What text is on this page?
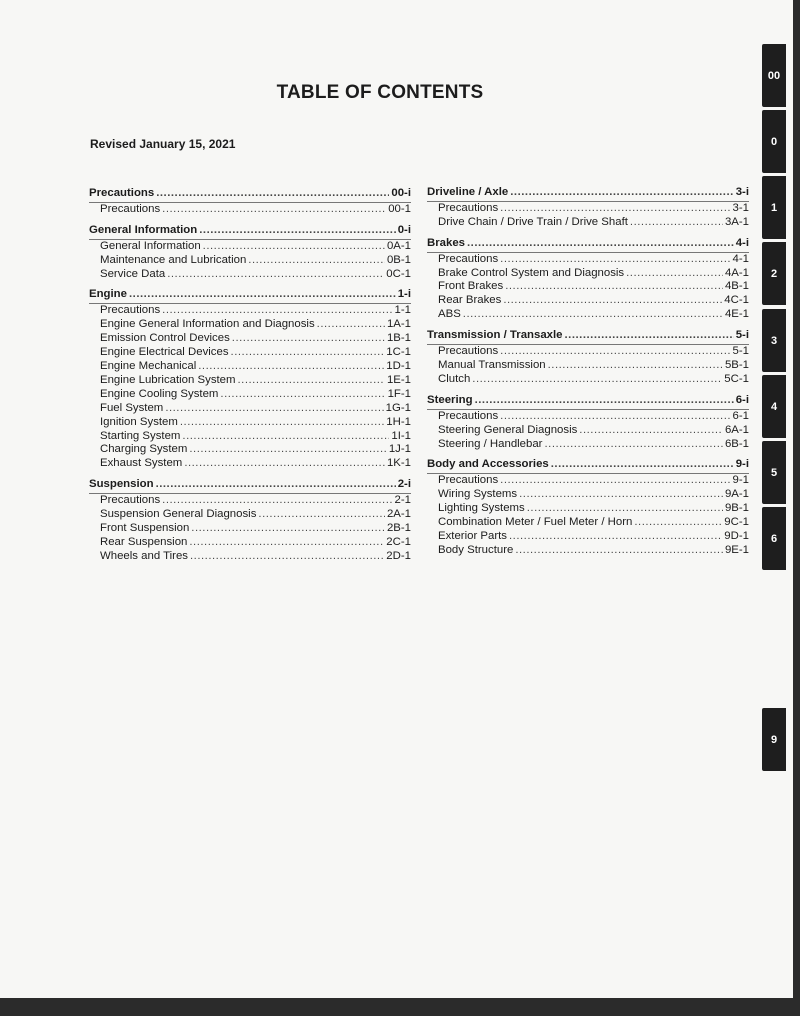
TABLE OF CONTENTS
Revised January 15, 2021
Precautions .....	00-i
Precautions .....	00-1
General Information .....	0-i
General Information .....	0A-1
Maintenance and Lubrication .....	0B-1
Service Data .....	0C-1
Engine .....	1-i
Precautions .....	1-1
Engine General Information and Diagnosis .....	1A-1
Emission Control Devices .....	1B-1
Engine Electrical Devices .....	1C-1
Engine Mechanical .....	1D-1
Engine Lubrication System .....	1E-1
Engine Cooling System .....	1F-1
Fuel System .....	1G-1
Ignition System .....	1H-1
Starting System .....	1I-1
Charging System .....	1J-1
Exhaust System .....	1K-1
Suspension .....	2-i
Precautions .....	2-1
Suspension General Diagnosis .....	2A-1
Front Suspension .....	2B-1
Rear Suspension .....	2C-1
Wheels and Tires .....	2D-1
Driveline / Axle .....	3-i
Precautions .....	3-1
Drive Chain / Drive Train / Drive Shaft .....	3A-1
Brakes .....	4-i
Precautions .....	4-1
Brake Control System and Diagnosis .....	4A-1
Front Brakes .....	4B-1
Rear Brakes .....	4C-1
ABS .....	4E-1
Transmission / Transaxle .....	5-i
Precautions .....	5-1
Manual Transmission .....	5B-1
Clutch .....	5C-1
Steering .....	6-i
Precautions .....	6-1
Steering General Diagnosis .....	6A-1
Steering / Handlebar .....	6B-1
Body and Accessories .....	9-i
Precautions .....	9-1
Wiring Systems .....	9A-1
Lighting Systems .....	9B-1
Combination Meter / Fuel Meter / Horn .....	9C-1
Exterior Parts .....	9D-1
Body Structure .....	9E-1
00
0
1
2
3
4
5
6
9
